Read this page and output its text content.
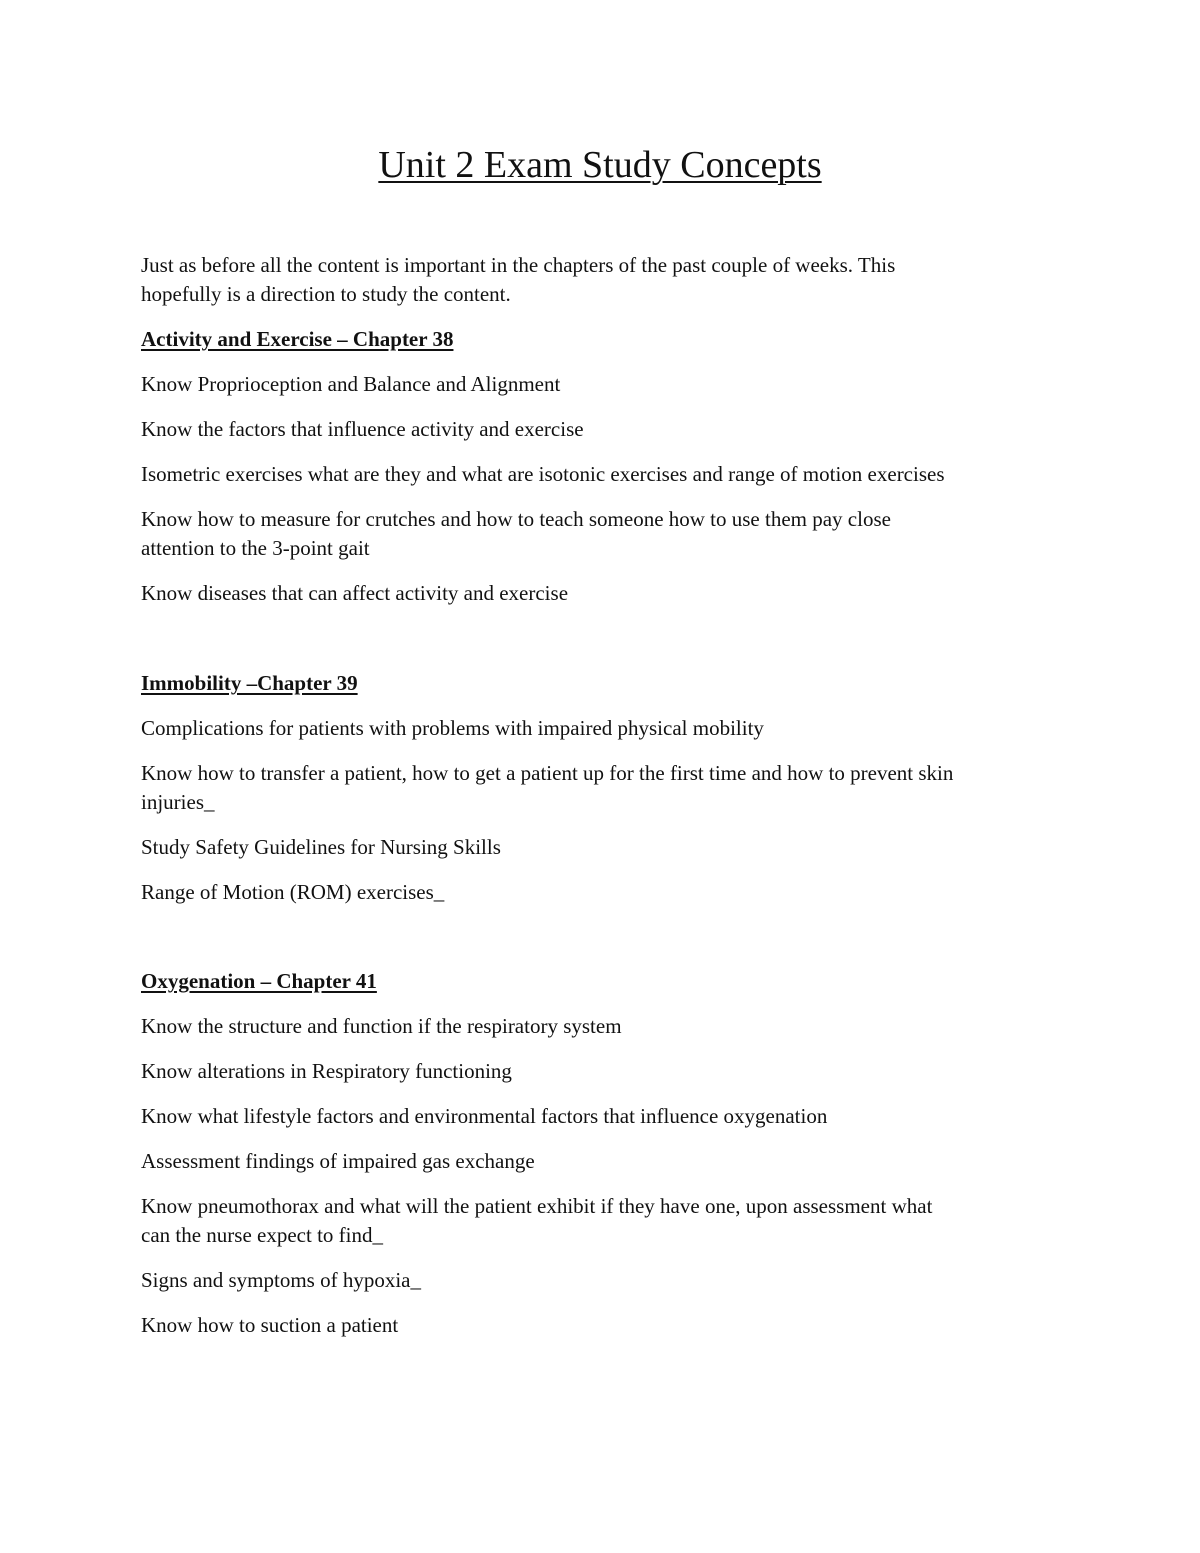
Unit 2 Exam Study Concepts
Just as before all the content is important in the chapters of the past couple of weeks. This
hopefully is a direction to study the content.
Activity and Exercise – Chapter 38
Know Proprioception and Balance and Alignment
Know the factors that influence activity and exercise
Isometric exercises what are they and what are isotonic exercises and range of motion exercises
Know how to measure for crutches and how to teach someone how to use them pay close
attention to the 3-point gait
Know diseases that can affect activity and exercise
Immobility –Chapter 39
Complications for patients with problems with impaired physical mobility
Know how to transfer a patient, how to get a patient up for the first time and how to prevent skin
injuries_
Study Safety Guidelines for Nursing Skills
Range of Motion (ROM) exercises_
Oxygenation – Chapter 41
Know the structure and function if the respiratory system
Know alterations in Respiratory functioning
Know what lifestyle factors and environmental factors that influence oxygenation
Assessment findings of impaired gas exchange
Know pneumothorax and what will the patient exhibit if they have one, upon assessment what
can the nurse expect to find_
Signs and symptoms of hypoxia_
Know how to suction a patient
